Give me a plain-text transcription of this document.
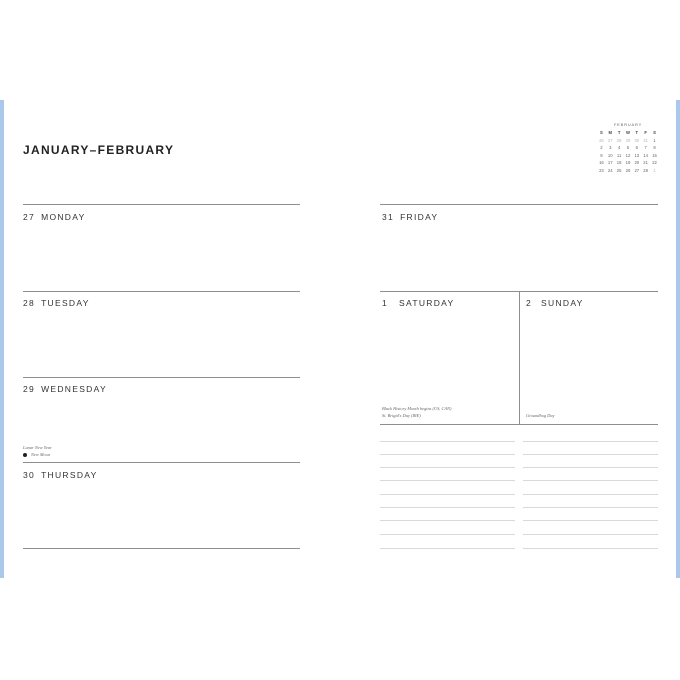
JANUARY–FEBRUARY
FEBRUARY
S	M	T	W	T	F	S
26	27	28	29	30	31	1
2	3	4	5	6	7	8
9	10	11	12	13	14	15
16	17	18	19	20	21	22
23	24	25	26	27	28	1
27 MONDAY
28 TUESDAY
29 WEDNESDAY
30 THURSDAY
Lunar New Year
New Moon
31 FRIDAY
1 SATURDAY	2 SUNDAY
Black History Month begins (US, CAN)
St. Brigid's Day (IRE)	Groundhog Day
